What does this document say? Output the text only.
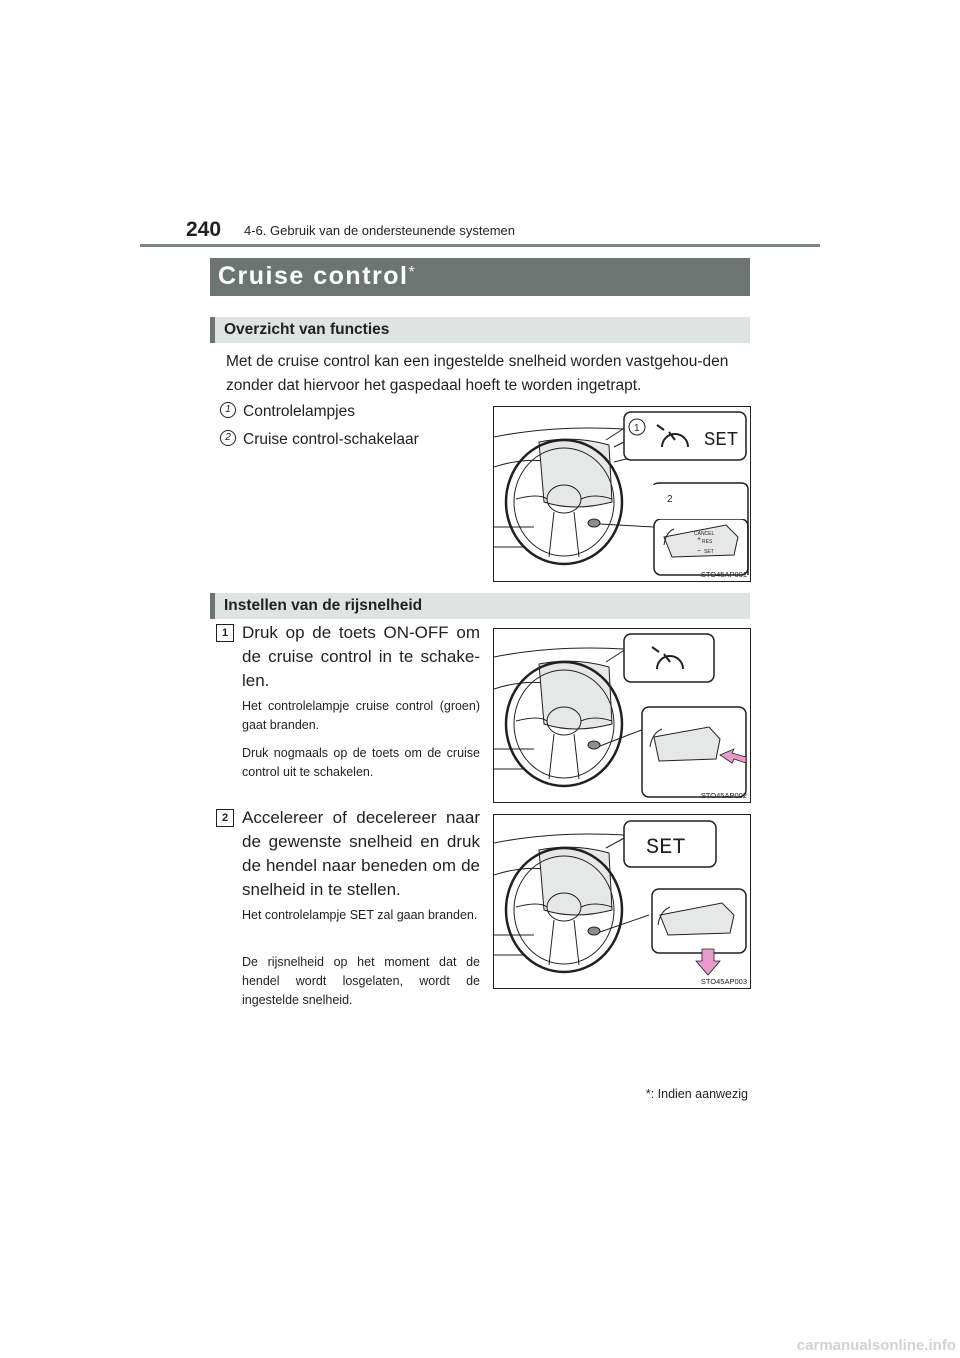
240 4-6. Gebruik van de ondersteunende systemen
Cruise control *
Overzicht van functies
Met de cruise control kan een ingestelde snelheid worden vastgehou-den zonder dat hiervoor het gaspedaal hoeft te worden ingetrapt.
1 Controlelampjes
2 Cruise control-schakelaar
CANCEL
RES
SET
1
2
+
−
SET
STO45AP001
Instellen van de rijsnelheid
1 Druk op de toets ON-OFF om de cruise control in te schake-len.
Het controlelampje cruise control (groen) gaat branden.
Druk nogmaals op de toets om de cruise control uit te schakelen.
STO45AP002
2 Accelereer of decelereer naar de gewenste snelheid en druk de hendel naar beneden om de snelheid in te stellen.
Het controlelampje SET zal gaan branden.
De rijsnelheid op het moment dat de hendel wordt losgelaten, wordt de ingestelde snelheid.
SET
STO45AP003
*: Indien aanwezig
carmanualsonline.info
